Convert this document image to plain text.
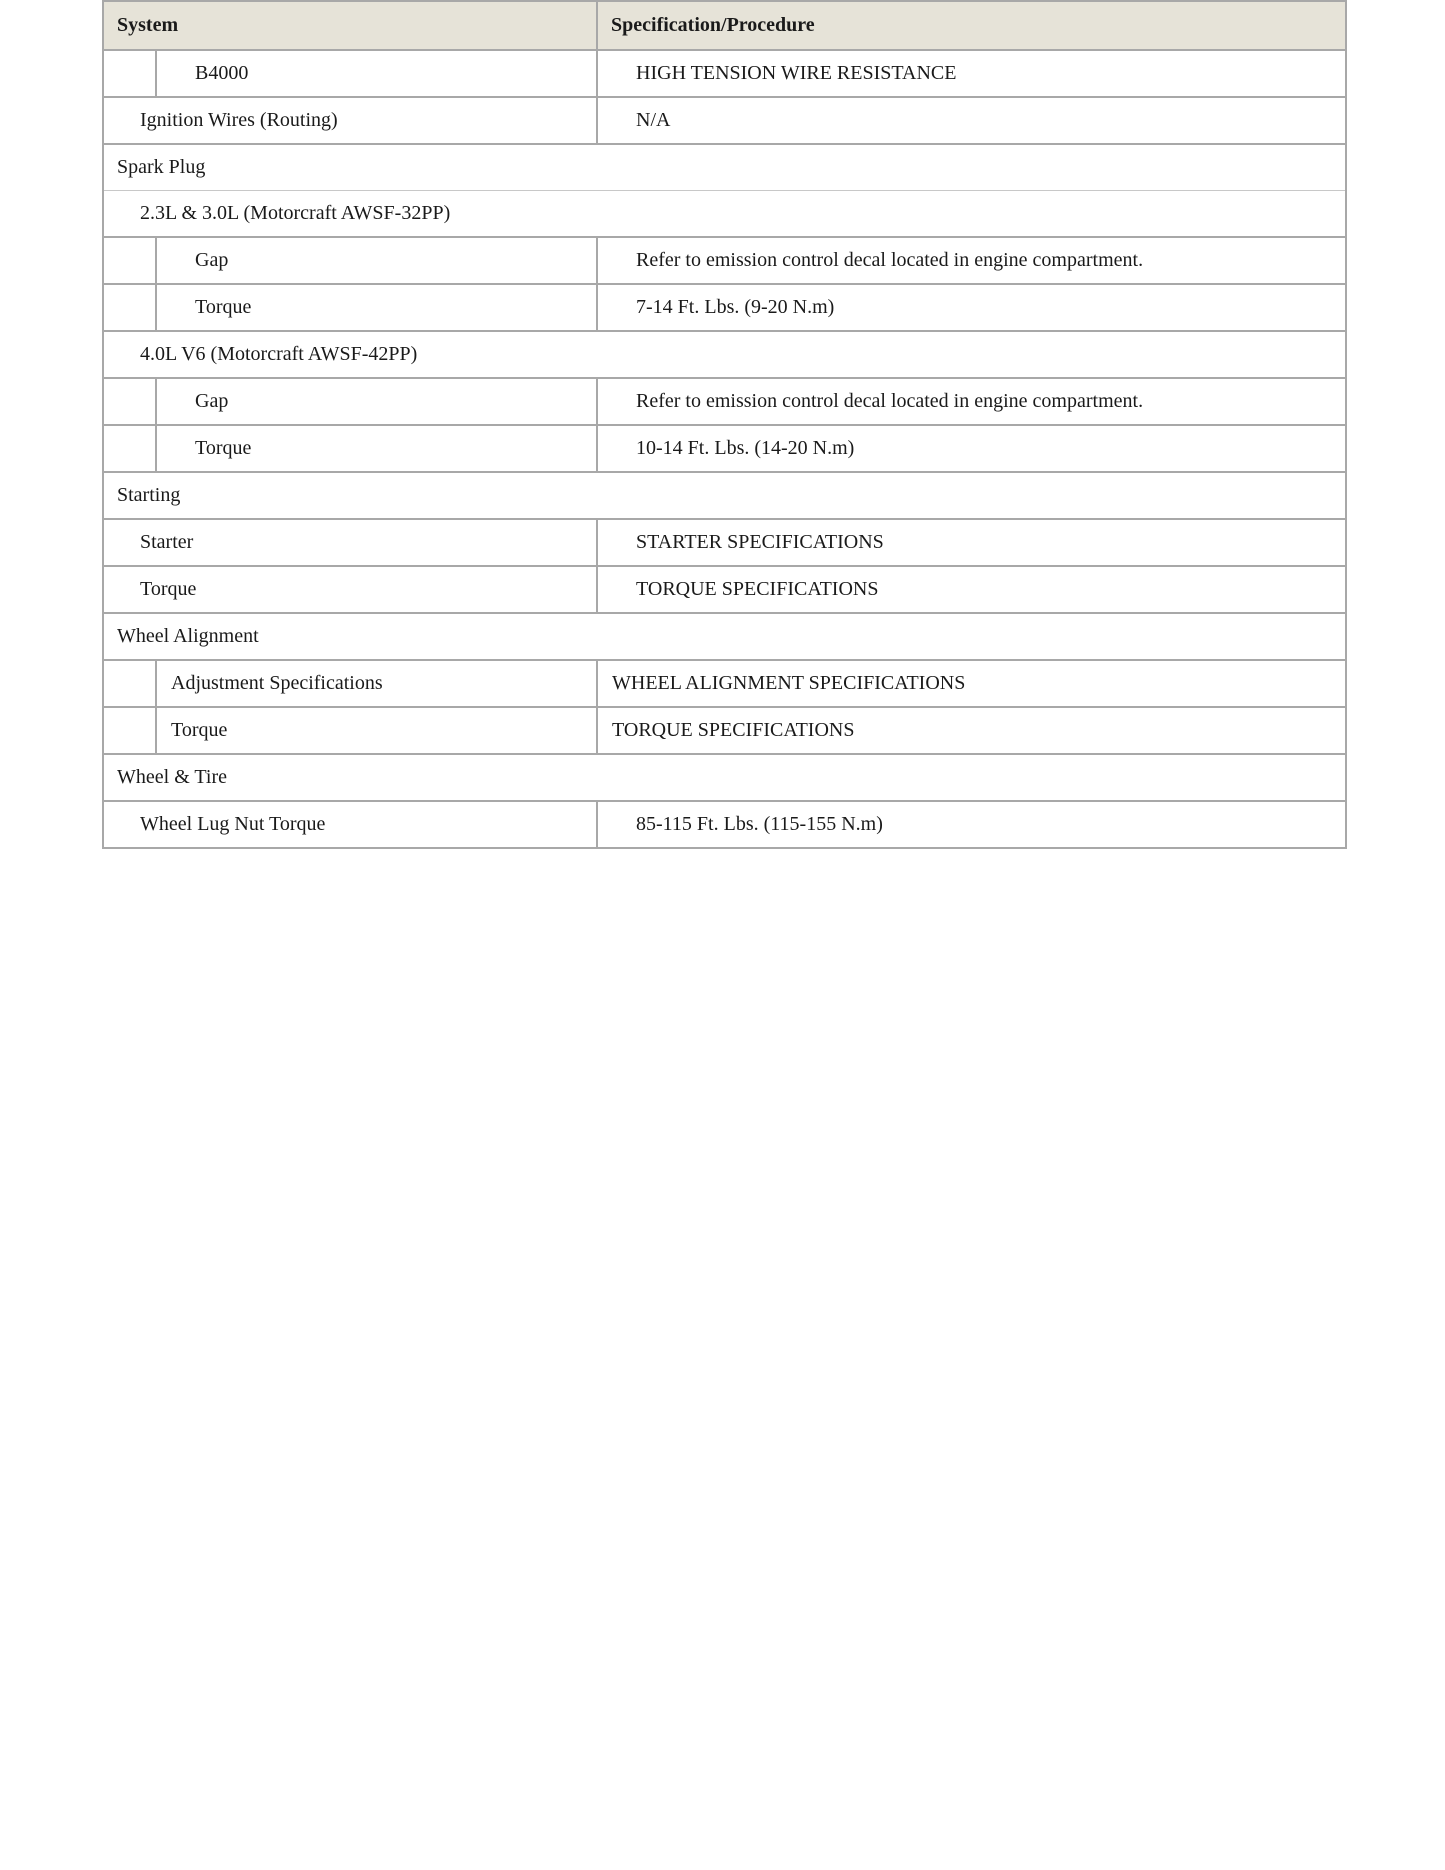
System		Specification/Procedure
	B4000	HIGH TENSION WIRE RESISTANCE
Ignition Wires (Routing)		N/A
Spark Plug		
2.3L & 3.0L (Motorcraft AWSF-32PP)		
	Gap	Refer to emission control decal located in engine compartment.
	Torque	7-14 Ft. Lbs. (9-20 N.m)
4.0L V6 (Motorcraft AWSF-42PP)		
	Gap	Refer to emission control decal located in engine compartment.
	Torque	10-14 Ft. Lbs. (14-20 N.m)
Starting		
Starter		STARTER SPECIFICATIONS
Torque		TORQUE SPECIFICATIONS
Wheel Alignment		
	Adjustment Specifications	WHEEL ALIGNMENT SPECIFICATIONS
	Torque	TORQUE SPECIFICATIONS
Wheel & Tire		
Wheel Lug Nut Torque		85-115 Ft. Lbs. (115-155 N.m)
